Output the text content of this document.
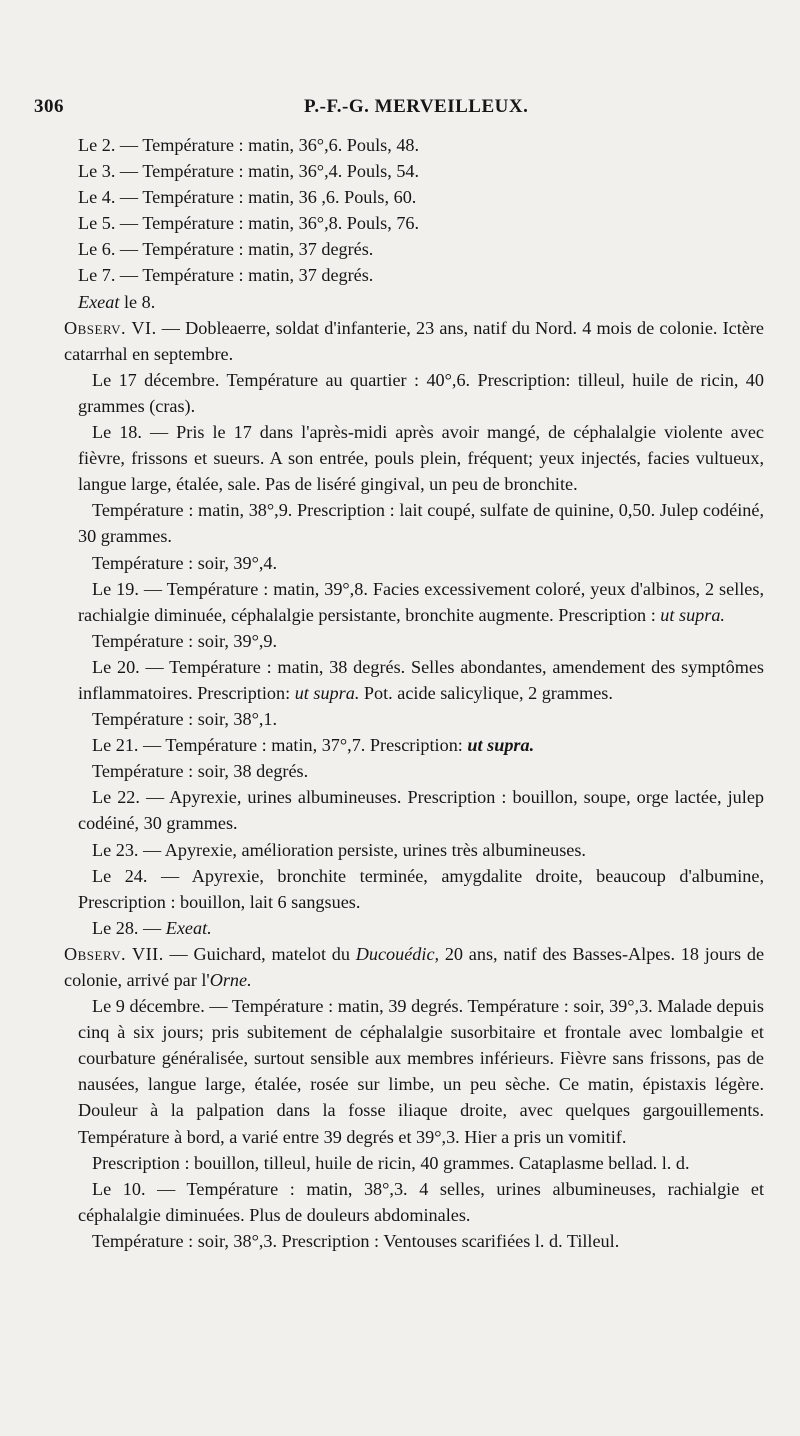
306	P.-F.-G. MERVEILLEUX.

Le 2. — Température : matin, 36°,6. Pouls, 48.

Le 3. — Température : matin, 36°,4. Pouls, 54.

Le 4. — Température : matin, 36 ,6. Pouls, 60.

Le 5. — Température : matin, 36°,8. Pouls, 76.

Le 6. — Température : matin, 37 degrés.

Le 7. — Température : matin, 37 degrés.

Exeat le 8.

Observ. VI. — Dobleaerre, soldat d'infanterie, 23 ans, natif du Nord. 4 mois de colonie. Ictère catarrhal en septembre.

Le 17 décembre. Température au quartier : 40°,6. Prescription: tilleul, huile de ricin, 40 grammes (cras).

Le 18. — Pris le 17 dans l'après-midi après avoir mangé, de céphalalgie violente avec fièvre, frissons et sueurs. A son entrée, pouls plein, fréquent; yeux injectés, facies vultueux, langue large, étalée, sale. Pas de liséré gingival, un peu de bronchite.

Température : matin, 38°,9. Prescription : lait coupé, sulfate de quinine, 0,50. Julep codéiné, 30 grammes.

Température : soir, 39°,4.

Le 19. — Température : matin, 39°,8. Facies excessivement coloré, yeux d'albinos, 2 selles, rachialgie diminuée, céphalalgie persistante, bronchite augmente. Prescription : ut supra.

Température : soir, 39°,9.

Le 20. — Température : matin, 38 degrés. Selles abondantes, amendement des symptômes inflammatoires. Prescription: ut supra. Pot. acide salicylique, 2 grammes.

Température : soir, 38°,1.

Le 21. — Température : matin, 37°,7. Prescription: ut supra.

Température : soir, 38 degrés.

Le 22. — Apyrexie, urines albumineuses. Prescription : bouillon, soupe, orge lactée, julep codéiné, 30 grammes.

Le 23. — Apyrexie, amélioration persiste, urines très albumineuses.

Le 24. — Apyrexie, bronchite terminée, amygdalite droite, beaucoup d'albumine, Prescription : bouillon, lait 6 sangsues.

Le 28. — Exeat.

Observ. VII. — Guichard, matelot du Ducouédic, 20 ans, natif des Basses-Alpes. 18 jours de colonie, arrivé par l'Orne.

Le 9 décembre. — Température : matin, 39 degrés. Température : soir, 39°,3. Malade depuis cinq à six jours; pris subitement de céphalalgie susorbitaire et frontale avec lombalgie et courbature généralisée, surtout sensible aux membres inférieurs. Fièvre sans frissons, pas de nausées, langue large, étalée, rosée sur limbe, un peu sèche. Ce matin, épistaxis légère. Douleur à la palpation dans la fosse iliaque droite, avec quelques gargouillements. Température à bord, a varié entre 39 degrés et 39°,3. Hier a pris un vomitif.

Prescription : bouillon, tilleul, huile de ricin, 40 grammes. Cataplasme bellad. l. d.

Le 10. — Température : matin, 38°,3. 4 selles, urines albumineuses, rachialgie et céphalalgie diminuées. Plus de douleurs abdominales.

Température : soir, 38°,3. Prescription : Ventouses scarifiées l. d. Tilleul.
